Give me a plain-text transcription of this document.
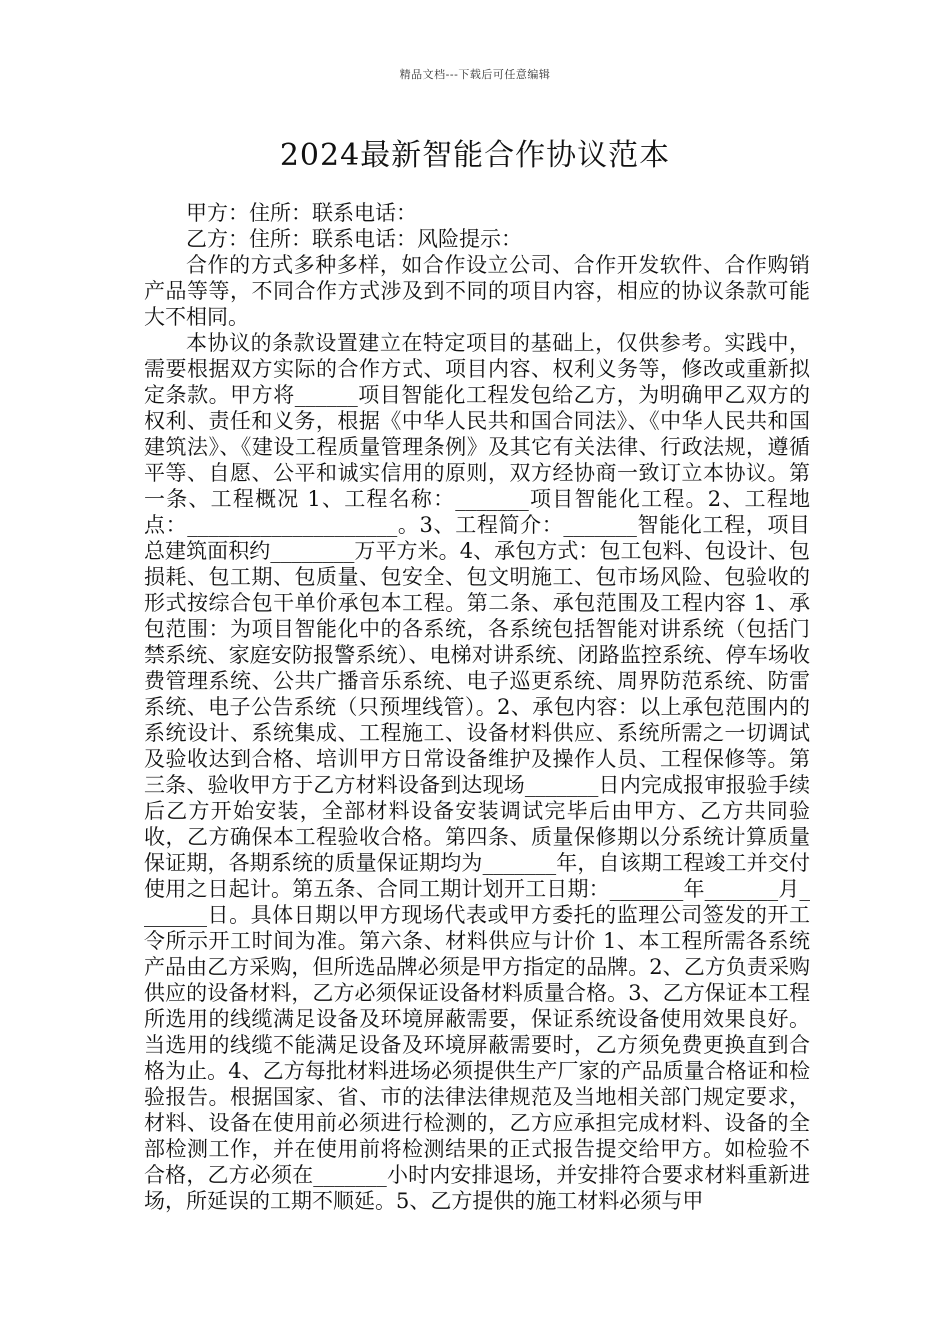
精品文档---下载后可任意编辑
2024最新智能合作协议范本

甲方：住所：联系电话：

乙方：住所：联系电话：风险提示：

合作的方式多种多样，如合作设立公司、合作开发软件、合作购销产品等等，不同合作方式涉及到不同的项目内容，相应的协议条款可能大不相同。

本协议的条款设置建立在特定项目的基础上，仅供参考。实践中，需要根据双方实际的合作方式、项目内容、权利义务等，修改或重新拟定条款。甲方将______项目智能化工程发包给乙方，为明确甲乙双方的权利、责任和义务，根据《中华人民共和国合同法》、《中华人民共和国建筑法》、《建设工程质量管理条例》及其它有关法律、行政法规，遵循平等、自愿、公平和诚实信用的原则，双方经协商一致订立本协议。第一条、工程概况 1、工程名称：_______项目智能化工程。2、工程地点：____________________。3、工程简介：_______智能化工程，项目总建筑面积约________万平方米。4、承包方式：包工包料、包设计、包损耗、包工期、包质量、包安全、包文明施工、包市场风险、包验收的形式按综合包干单价承包本工程。第二条、承包范围及工程内容 1、承包范围：为项目智能化中的各系统，各系统包括智能对讲系统（包括门禁系统、家庭安防报警系统）、电梯对讲系统、闭路监控系统、停车场收费管理系统、公共广播音乐系统、电子巡更系统、周界防范系统、防雷系统、电子公告系统（只预埋线管）。2、承包内容：以上承包范围内的系统设计、系统集成、工程施工、设备材料供应、系统所需之一切调试及验收达到合格、培训甲方日常设备维护及操作人员、工程保修等。第三条、验收甲方于乙方材料设备到达现场_______日内完成报审报验手续后乙方开始安装，全部材料设备安装调试完毕后由甲方、乙方共同验收，乙方确保本工程验收合格。第四条、质量保修期以分系统计算质量保证期，各期系统的质量保证期均为_______年，自该期工程竣工并交付使用之日起计。第五条、合同工期计划开工日期：_______年_______月_______日。具体日期以甲方现场代表或甲方委托的监理公司签发的开工令所示开工时间为准。第六条、材料供应与计价 1、本工程所需各系统产品由乙方采购，但所选品牌必须是甲方指定的品牌。2、乙方负责采购供应的设备材料，乙方必须保证设备材料质量合格。3、乙方保证本工程所选用的线缆满足设备及环境屏蔽需要，保证系统设备使用效果良好。当选用的线缆不能满足设备及环境屏蔽需要时，乙方须免费更换直到合格为止。4、乙方每批材料进场必须提供生产厂家的产品质量合格证和检验报告。根据国家、省、市的法律法律规范及当地相关部门规定要求，材料、设备在使用前必须进行检测的，乙方应承担完成材料、设备的全部检测工作，并在使用前将检测结果的正式报告提交给甲方。如检验不合格，乙方必须在_______小时内安排退场，并安排符合要求材料重新进场，所延误的工期不顺延。5、乙方提供的施工材料必须与甲
